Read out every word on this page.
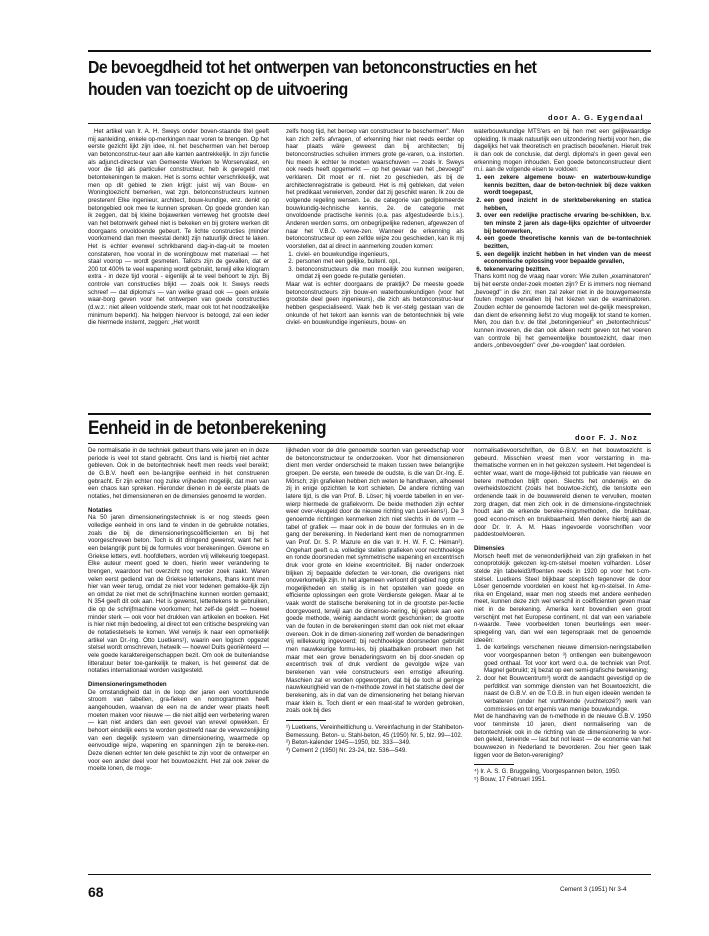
De bevoegdheid tot het ontwerpen van betonconstructies en het houden van toezicht op de uitvoering
door A. G. Eygendaal

Het artikel van Ir. A. H. Sweys onder boven-staande titel geeft mij aanleiding, enkele op-merkingen naar voren te brengen. Op het eerste gezicht lijkt zijn idee, nl. het beschermen van het beroep van betonconstruc-teur aan alle kanten aantrekkelijk. In zijn functie als adjunct-directeur van Gemeente Werken te Worservalast, en voor die tijd als particulier constructeur, heb ik geregeld met betontekeningen te maken. Het is soms echter verschrikkelijk, wat men op dit gebied te zien krijgt: juist wij van Bouw- en Woningtoezicht bemerken, wat zgn. betonconstructeurs kunnen presteren! Elke ingenieur, architect, bouw-kundige, enz. denkt op betongebied ook mee te kunnen spreken. Op goede gronden kan ik zeggen, dat bij kleine bojawerken verreweg het grootste deel van het betonwerk geheel niet is bekeken en bij grotere werken dit doorgaans onvoldoende gebeurt. Te lichte constructies (minder voorkomend dan men meestal denkt) zijn natuurlijk direct te laken. Het is echter evenwel schrikbarend dag-in-dag-uit te moeten constateren, hoe vooral in de woningbouw met materiaal — het staal voorop — wordt gesmeten. Tallozs zijn de gevallen, dat er 200 tot 400% te veel wapening wordt gebruikt, terwijl elke kilogram extra - in deze tijd vooral - eigenlijk al te veel behoort te zijn. Bij controle van constructies blijkt — zoals ook Ir. Sweys reeds schreef — dat diploma's — van welke graad ook — geen enkele waar-borg geven voor het ontwerpen van goede constructies (d.w.z.: niet alleen voldoende sterk, maar ook tot het noodzakelijke minimum beperkt). Na helpgen hiervoor is betoogd, zal een ieder die hiermede instemt, zeggen: „Het wordt

zelfs hoog tijd, het beroep van constructeur te beschermen". Men kan zich zelfs afvragen, of erkenning hier niet reeds eerder op haar plaats wäre geweest dan bij architecten; bij betonconstructies schuilen immers grote ge-varen, o.a. instorten. Nu meen ik echter te moeten waarschuwen — zoals Ir. Sweys ook reeds heeft opgemerkt — op het gevaar van het „bevoegd" verklaren. Dit moet er nl. niet zo geschieden, als bij de architectenregistratie is gebeurd. Het is mij gebleken, dat velen het predikaat verwierven, zonder dat zij geschikt waren. Ik zou de volgende regeling wensen. 1e. de categorie van gediplomeerde bouwkundig-technische kennis, 2e. de categorie met onvoldoende practische kennis (o.a. pas afgestudeerde b.i.s.). Anderen werden soms, om onbegrijpelijke redenen, afgewezen of naar het V.B.O. verwe-zen. Wanneer de erkenning als betonconstructeur op een zelfde wijze zou geschieden, kan ik mij voorstellen, dat al direct in aanmerking zouden komen:

1. civiel- en bouwkundige ingenieurs,
2. personen met een gelijke, buitenl. opl.,
3. betonconstructeurs die men moeilijk zou kunnen weigeren, omdat zij een goede re-putatie genieten.

Maar wat is echter doorgaans de praktijk? De meeste goede betonconstructeurs zijn bouw-en waterbouwkundigen (voor het grootste deel geen ingenieurs), die zich als betonconstruc-teur hebben gespecialiseerd. Vaak heb ik ver-stelg gestaan van de onkunde of het tekort aan kennis van de betontechniek bij vele civiel- en bouwkundige ingenieurs, bouw- en

waterbouwkundige MTS'ers en bij hen met een gelijkwaardige opleiding. Ik maak natuurlijk een uitzondering hierbij voor hen, die dagelijks het vak theoretisch en practisch beoefenen. Hieruit trek ik dan ook de conclusie, dat dergl. diploma's in geen geval een erkenning mogen inhouden. Een goede betonconstructeur dient m.i. aan de volgende eisen te voldoen:

1. een zekere algemene bouw- en waterbouw-kundige kennis bezitten, daar de beton-techniek bij deze vakken wordt toegepast,
2. een goed inzicht in de sterkteberekening en statica hebben,
3. over een redelijke practische ervaring be-schikken, b.v. ten minste 2 jaren als dage-lijks opzichter of uitvoerder bij betonwerken,
4. een goede theoretische kennis van de be-tontechniek bezitten,
5. een degelijk inzicht hebben in het vinden van de meest economische oplossing voor bepaalde gevallen,
6. tekenervaring bezitten.

Thans komt nog de vraag naar voren: Wie zullen „examinatoren" bij het eerste onder-zoek moeten zijn? Er is immers nog niemand „bevoegd" in die zin; men zal zeker niet in de bouwgemeenste fouten mogen vervallen bij het kiezen van de examinatoren. Zouden echter de genoemde factoren wel de-gelijk meespreken, dan dient de erkenning liefst zo vlug mogelijk tot stand te komen. Men, zou dan b.v. de titel „betoningenieur" en „betontechnicus" kunnen invoeren, die dan ook alleen recht geven tot het voeren van controle bij het gemeentelijke bouwtoezicht, daar men anders „onbevoegden" over „be-voegden" laat oordelen.

Eenheid in de betonberekening	door F. J. Noz

De normalisatie in de techniek gebeurt thans vele jaren en in deze periode is veel tot stand gebracht. Ons land is hierbij niet achter gebleven. Ook in de betontechniek heeft men reeds veel bereikt; de G.B.V. heeft een be-langrijke eenheid in het construeren gebracht. Er zijn echter nog zulke vrijheden mogelijk, dat men van een chaos kan spreken. Hieronder dienen in de eerste plaats de notaties, het dimensioneren en de dimensies genoemd te worden.

Notaties

Na 50 jaren dimensioneringstechniek is er nog steeds geen volledige eenheid in ons land te vinden in de gebruikte notaties, zoals die bij de dimensioneringscoëfficienten en bij het voorgeschreven beton. Toch is dit dringend gewenst, want het is een belangrijk punt bij de formules voor berekeningen. Gewone en Griekse letters, evtl. hoofdletters, worden vrij willekeurig toegepast. Elke auteur meent goed te doen, hierin weer verandering te brengen, waardoor het overzicht nog verder zoek raakt. Waren velen eerst gediend van de Griekse lettertekens, thans komt men hier van weer terug, omdat ze niet voor tedenen gemakke-lijk zijn en omdat ze niet met de schrijfmachine kunnen worden gemaakt; N 354 geeft dit ook aan. Het is gewenst, lettertekens te gebruiken, die op de schrijfmachine voorkomen; het zelf-de geldt — hoewel minder sterk — ook voor het drukken van artikelen en boeken. Het is hier niet mijn bedoeling, al direct tot een critische bespreking van de notatiestelsels te komen. Wel verwijs ik naar een opmerkelijk artikel van Dr.-Ing. Otto Luetkens¹), waarin een logisch opgezet stelsel wordt omschreven, hetwelk — hoewel Duits georiënteerd — vele goede karaktereigenschappen bezit. Om ook de buitenlandse litteratuur beter toe-gankelijk te maken, is het gewenst dat de notaties internationaal worden vastgesteld.

Dimensioneringsmethoden

De omstandigheid dat in de loop der jaren een voortdurende stroom van tabellen, gra-fieken en nomogrammen heeft aangehouden, waarvan de een na de ander weer plaats heeft moeten maken voor nieuwe — die niet altijd een verbetering waren — kan niet anders dan een gevoel van wrevel opwekken. Er behoort eindelijk eens te worden gestreefd naar de verwezenlijking van een degelijk systeem van dimensionering, waarmede op eenvoudige wijze, wapening en spanningen zijn te bereke-nen. Deze dienen echter ten dele geschikt te zijn voor de ontwerper en voor een ander deel voor het bouwtoezicht. Het zal ook zeker de moeite lonen, de moge-

lijkheden voor de drie genoemde soorten van gereedschap voor de betonconstructeur te onderzoeken. Voor het dimensioneren dient men verder onderscheid te maken tussen twee belangrijke groepen. De eerste, een tweede de oudste, is die van Dr.-Ing. E. Mörsch; zijn grafieken hebben zich weten te handhaven, alhoewel zij in enige opzichten te kort schieten. De andere richting van latere tijd, is die van Prof. B. Löser; hij voerde tabellen in en ver-wierp hiermede de grafiekvorm. De beide methoden zijn echter weer over-vleugeld door de nieuwe richting van Luet-kens¹). De 3 genoemde richtingen kenmerken zich niet slechts in de vorm — tabel of grafiek — maar ook in de bouw der formules en in de gang der berekening. In Nederland kent men de nomogrammen van Prof. Dr. S. P. Mazure en die van Ir. H. W. F. C. Héman²). Ongehart geeft o.a. volledige stellen grafieken voor rechthoekige en ronde doorsneden met symmetrische wapening en excentrisch druk voor grote en kleine excentriciteit. Bij nader onderzoek blijken zij bepaalde defecten te ver-tonen, die overigens niet onoverkomelijk zijn. In het algemeen verloont dit gebied nog grote mogelijkheden en stellig is in het opstellen van goede en efficiente oplossingen een grote Verdienste gelegen. Maar al te vaak wordt de statische berekening tot in de grootste per-fectie doorgevoerd, terwijl aan de dimensio-nering, bij gebrek aan een goede methode, weinig aandacht wordt geschonken; de grootte van de fouten in de berekeningen stemt dan ook niet met elkaar overeen. Ook in de dimen-sionering zelf worden de benaderingen vrij willekeurig ingevoerd; bij rechthoekige doorsneden gebruikt men nauwkeurige formu-les, bij plaatbalken probeert men het maar met een grove benaderingsvorm en bij door-sneden op excentrisch trek of druk verdient de gevolgde wijze van berekenen van vele constructeurs een ernstige afkeuring. Maschien zal er worden opgeworpen, dat bij de toch al geringe nauwkeurigheid van de n-methode zowel in het statische deel der berekening, als in dat van de dimensionering het belang hiervan maar klein is. Toch dient er een maat-staf te worden gebroken, zoals ook bij des

¹) Luetkens, Vereinheitlichung u. Vereinfachung in der Stahlbeton-Bemessung. Beton- u. Stahl-beton, 45 (1950) Nr. 5, blz. 99—102.

²) Beton-kalender 1945—1950, blz. 333—349.

³) Cement 2 (1950) Nr. 23-24, blz. 536—549.

normalisatievoorschriften, de G.B.V. en het bouwtoezicht is gebeurd. Misschien vreest men voor verstarring in ma-thematische vormen en in het gekozen systeem. Het tegendeel is echter waar, want de moge-lijkheid tot publicatie van nieuwe en betere methoden blijft open. Slechts het onderwijs en de overheidstoezicht (zoals het bouwtoe-zicht), die tenslotte een ordenende taak in de bouwwereld dienen te vervullen, moeten zorg dragen, dat men zich ook in de dimensione-ringstechniek houdt aan de erkende bereke-ningsmethoden, die bruikbaar, goed econo-misch en bruikbaarheid. Men denke hierbij aan de door Dr. Ir. A. M. Haas ingevoerde voorschriften voor paddestoelvloeren.

Dimensies

Morsch heeft met de verwonderlijkheid van zijn grafieken in het conoprotokijk gekozen kg-cm-stelsel moeten volharden. Löser stelde zijn tabeleid3/ffoenten reeds in 1920 op voor het t-cm-stelsel. Luetkens Steel blijkbaar sceptisch tegenover de door Löser genoemde voordelen en koest het kg-m-stelsel. In Ame-rika en Engeland, waar men nog steeds met andere eenheden meet, kunnen deze zich wel verschil in coëfficienten geven maar niet in de berekening. Amerika kent bovendien een groot verschijnt met het Europese continent, nl. dat van een variabele n-waarde. Twee voorbeelden tonen beurtelings een weer-spiegeling van, dan wel een tegenspraak met de genoemde ideeën:

1. de kortelings verschenen nieuwe dimension-neringstabellen voor voorgespannen beton ³) ontlengen een buitengewoon goed onthaal. Tot voor kort werd o.a. de techniek van Prof. Magnel gebruikt; zij bezat op een semi-grafische berekening;
2. door het Bouwcentrum³) wordt de aandacht gevestigd op de perfditkst van sommige diensten van het Bouwtoezicht, die naast de G.B.V. en de T.G.B. in hun eigen ideeën wenden te verbateren (onder het vurthkende (vuchtelozé?) werk van commissies en tot ergernis van menige bouwkundige.

Met de handhaving van de n-methode in de nieuwe G.B.V. 1950 voor tenminste 10 jaren, dient normalisering van de betontechniek ook in de richting van de dimensionering te wor-den geleid, teneinde — last but not least — de economie van het bouwwezen in Nederland te bevorderen. Zou hier geen taak liggen voor de Beton-vereniging?

⁴) Ir. A. S. G. Bruggeling, Voorgespannen beton, 1950.

⁵) Bouw, 17 Februari 1951.

68	Cement 3 (1951) Nr 3-4
